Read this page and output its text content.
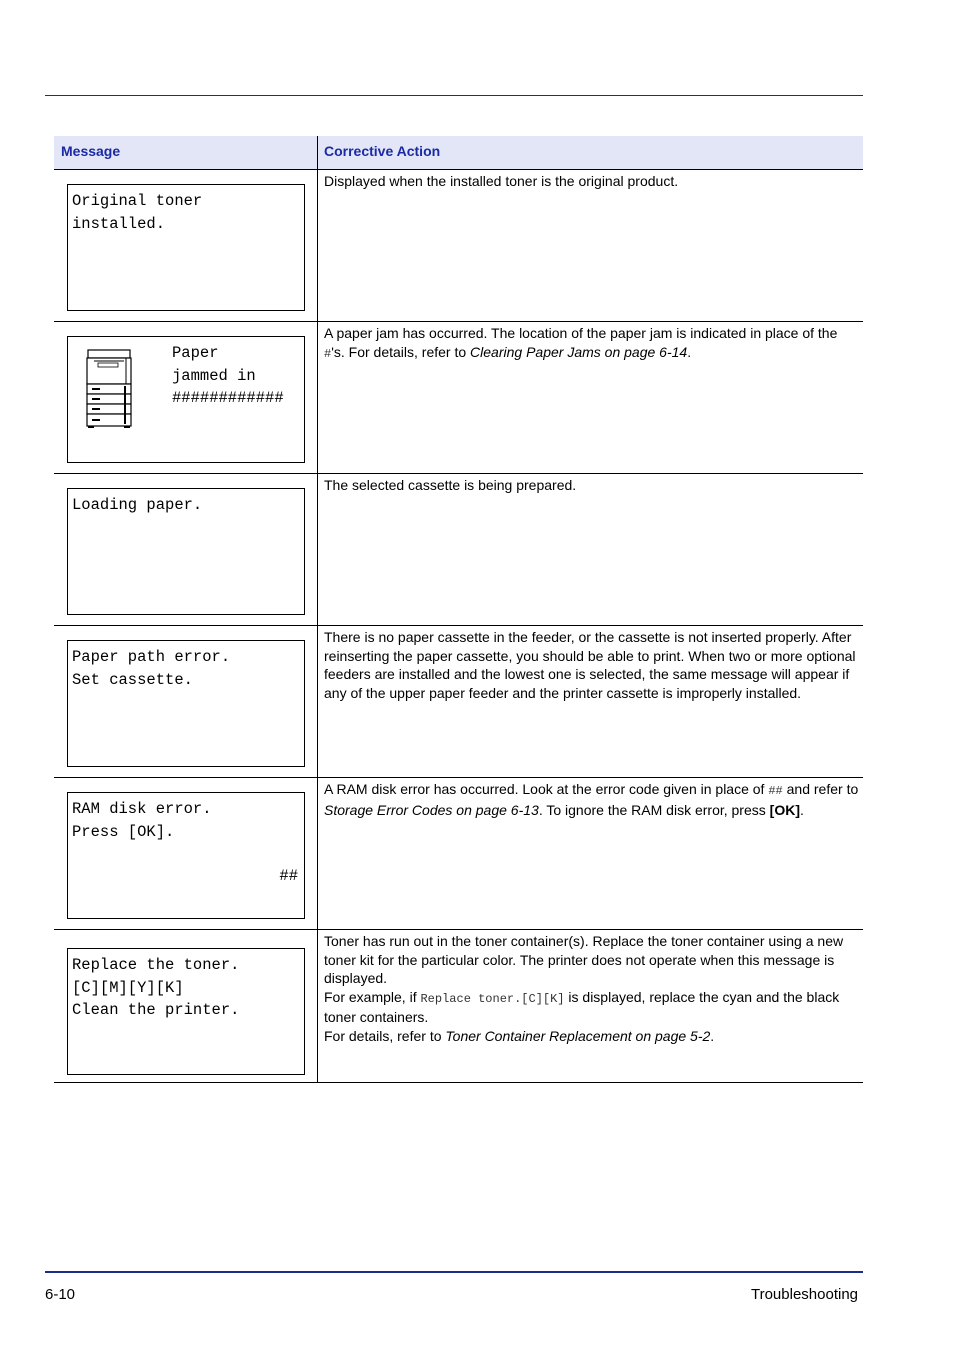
Message	Corrective Action
Original toner
installed.

Displayed when the installed toner is the original product.

Paper
jammed in
############

A paper jam has occurred. The location of the paper jam is indicated in place of the #'s. For details, refer to Clearing Paper Jams on page 6-14.

Loading paper.

The selected cassette is being prepared.

Paper path error.
Set cassette.

There is no paper cassette in the feeder, or the cassette is not inserted properly. After reinserting the paper cassette, you should be able to print. When two or more optional feeders are installed and the lowest one is selected, the same message will appear if any of the upper paper feeder and the printer cassette is improperly installed.

RAM disk error.
Press [OK].
##

A RAM disk error has occurred. Look at the error code given in place of ## and refer to Storage Error Codes on page 6-13. To ignore the RAM disk error, press [OK].

Replace the toner.
[C][M][Y][K]
Clean the printer.

Toner has run out in the toner container(s). Replace the toner container using a new toner kit for the particular color. The printer does not operate when this message is displayed.

For example, if Replace toner.[C][K] is displayed, replace the cyan and the black toner containers.

For details, refer to Toner Container Replacement on page 5-2.

6-10	Troubleshooting
